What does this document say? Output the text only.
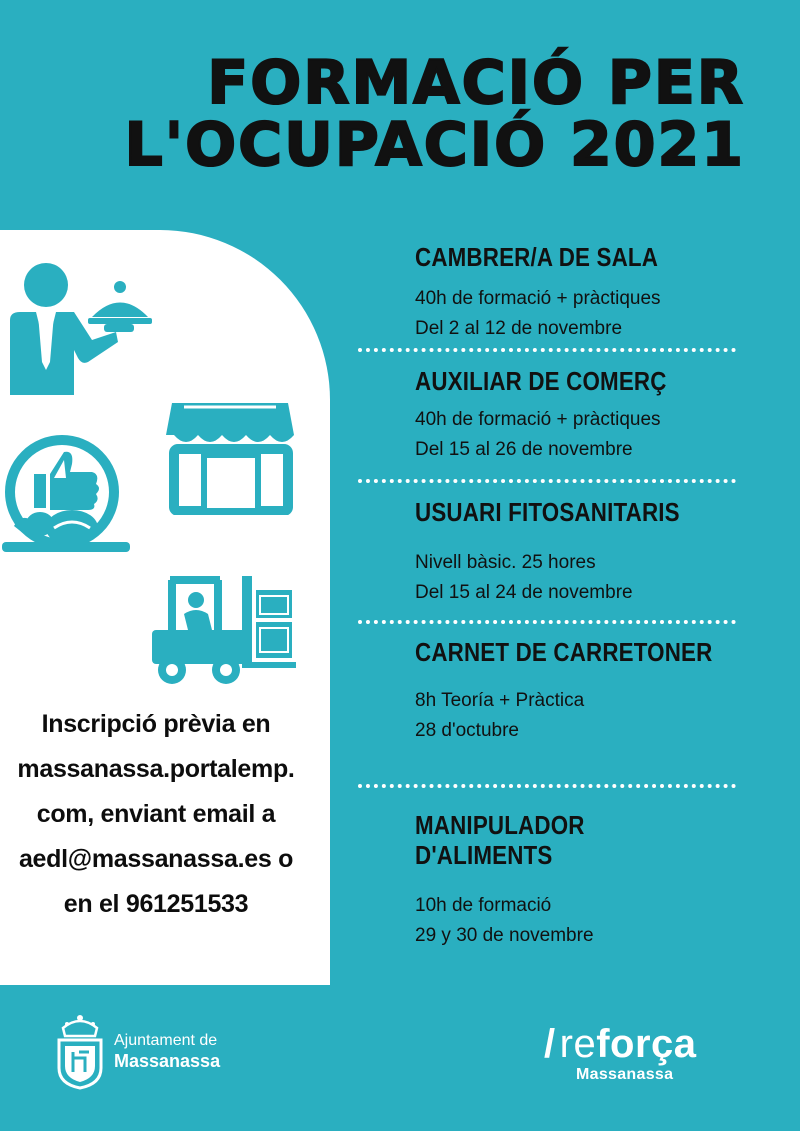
FORMACIÓ PER
L'OCUPACIÓ 2021
Inscripció prèvia en
massanassa.portalemp.
com, enviant email a
aedl@massanassa.es o
en el 961251533
CAMBRER/A DE SALA
40h de formació + pràctiques
Del 2 al 12 de novembre
AUXILIAR DE COMERÇ
40h de formació + pràctiques
Del 15 al 26 de novembre
USUARI FITOSANITARIS
Nivell bàsic. 25 hores
Del 15 al 24 de novembre
CARNET DE CARRETONER
8h Teoría + Pràctica
28 d'octubre
MANIPULADOR
D'ALIMENTS
10h de formació
29 y 30 de novembre
Ajuntament de
Massanassa	/ reforça
Massanassa
